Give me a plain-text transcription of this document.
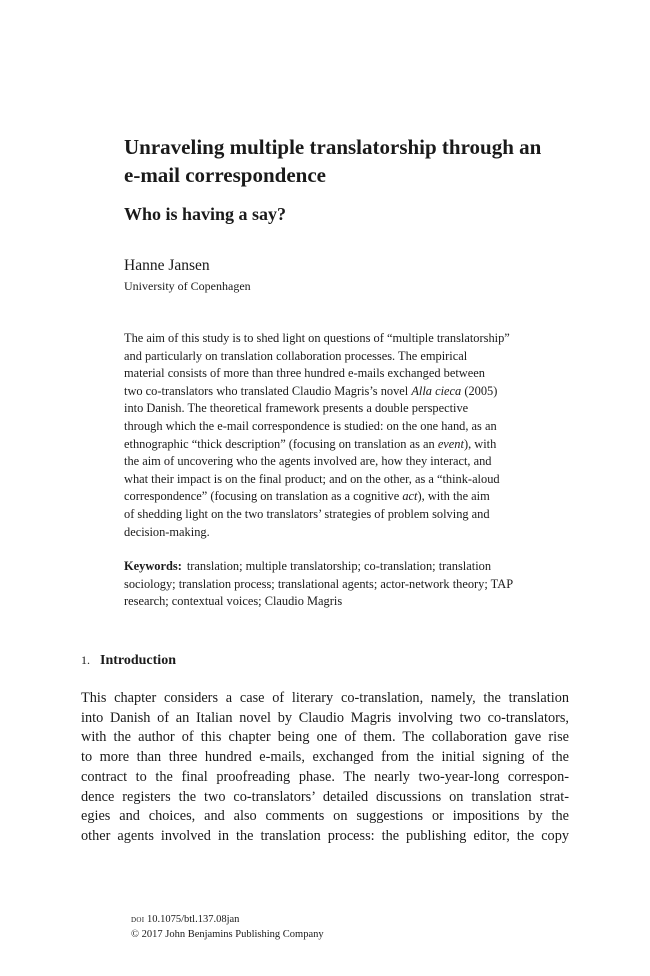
Unraveling multiple translatorship through an
e-mail correspondence
Who is having a say?

Hanne Jansen

University of Copenhagen

The aim of this study is to shed light on questions of “multiple translatorship”
and particularly on translation collaboration processes. The empirical
material consists of more than three hundred e-mails exchanged between
two co-translators who translated Claudio Magris’s novel Alla cieca (2005)
into Danish. The theoretical framework presents a double perspective
through which the e-mail correspondence is studied: on the one hand, as an
ethnographic “thick description” (focusing on translation as an event), with
the aim of uncovering who the agents involved are, how they interact, and
what their impact is on the final product; and on the other, as a “think-aloud
correspondence” (focusing on translation as a cognitive act), with the aim
of shedding light on the two translators’ strategies of problem solving and
decision-making.
Keywords: translation; multiple translatorship; co-translation; translation
sociology; translation process; translational agents; actor-network theory; TAP
research; contextual voices; Claudio Magris
1. Introduction
This chapter considers a case of literary co-translation, namely, the translation
into Danish of an Italian novel by Claudio Magris involving two co-translators,
with the author of this chapter being one of them. The collaboration gave rise
to more than three hundred e-mails, exchanged from the initial signing of the
contract to the final proofreading phase. The nearly two-year-long correspon-
dence registers the two co-translators’ detailed discussions on translation strat-
egies and choices, and also comments on suggestions or impositions by the
other agents involved in the translation process: the publishing editor, the copy
doi 10.1075/btl.137.08jan
© 2017 John Benjamins Publishing Company
